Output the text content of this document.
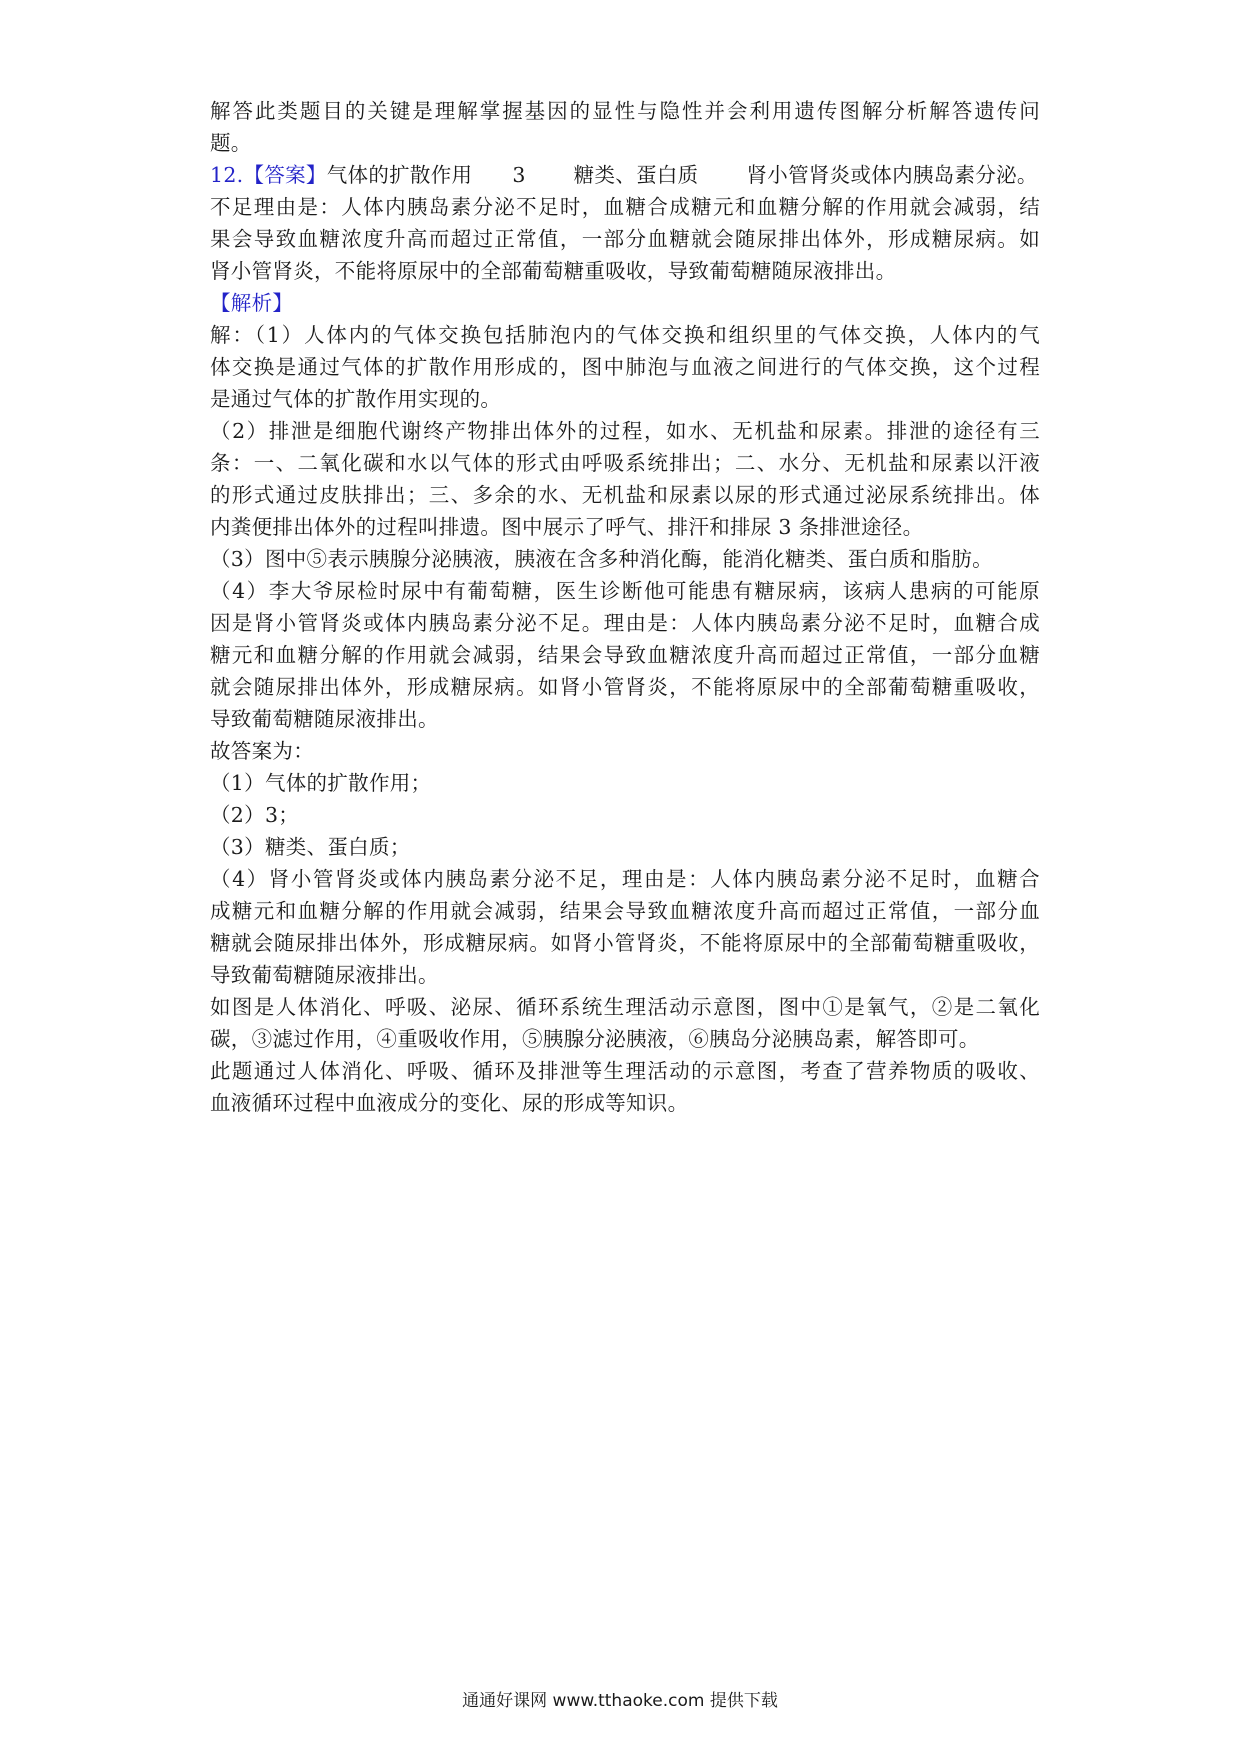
解答此类题目的关键是理解掌握基因的显性与隐性并会利用遗传图解分析解答遗传问
题。
12.【答案】气体的扩散作用 3 糖类、蛋白质 肾小管肾炎或体内胰岛素分泌。
不足理由是：人体内胰岛素分泌不足时，血糖合成糖元和血糖分解的作用就会减弱，结
果会导致血糖浓度升高而超过正常值，一部分血糖就会随尿排出体外，形成糖尿病。如
肾小管肾炎，不能将原尿中的全部葡萄糖重吸收，导致葡萄糖随尿液排出。
【解析】
解：（1）人体内的气体交换包括肺泡内的气体交换和组织里的气体交换，人体内的气
体交换是通过气体的扩散作用形成的，图中肺泡与血液之间进行的气体交换，这个过程
是通过气体的扩散作用实现的。
（2）排泄是细胞代谢终产物排出体外的过程，如水、无机盐和尿素。排泄的途径有三
条：一、二氧化碳和水以气体的形式由呼吸系统排出；二、水分、无机盐和尿素以汗液
的形式通过皮肤排出；三、多余的水、无机盐和尿素以尿的形式通过泌尿系统排出。体
内粪便排出体外的过程叫排遗。图中展示了呼气、排汗和排尿 3 条排泄途径。
（3）图中⑤表示胰腺分泌胰液，胰液在含多种消化酶，能消化糖类、蛋白质和脂肪。
（4）李大爷尿检时尿中有葡萄糖，医生诊断他可能患有糖尿病，该病人患病的可能原
因是肾小管肾炎或体内胰岛素分泌不足。理由是：人体内胰岛素分泌不足时，血糖合成
糖元和血糖分解的作用就会减弱，结果会导致血糖浓度升高而超过正常值，一部分血糖
就会随尿排出体外，形成糖尿病。如肾小管肾炎，不能将原尿中的全部葡萄糖重吸收，
导致葡萄糖随尿液排出。
故答案为：
（1）气体的扩散作用；
（2）3；
（3）糖类、蛋白质；
（4）肾小管肾炎或体内胰岛素分泌不足，理由是：人体内胰岛素分泌不足时，血糖合
成糖元和血糖分解的作用就会减弱，结果会导致血糖浓度升高而超过正常值，一部分血
糖就会随尿排出体外，形成糖尿病。如肾小管肾炎，不能将原尿中的全部葡萄糖重吸收，
导致葡萄糖随尿液排出。
如图是人体消化、呼吸、泌尿、循环系统生理活动示意图，图中①是氧气，②是二氧化
碳，③滤过作用，④重吸收作用，⑤胰腺分泌胰液，⑥胰岛分泌胰岛素，解答即可。
此题通过人体消化、呼吸、循环及排泄等生理活动的示意图，考查了营养物质的吸收、
血液循环过程中血液成分的变化、尿的形成等知识。
通通好课网 www.tthaoke.com 提供下载
